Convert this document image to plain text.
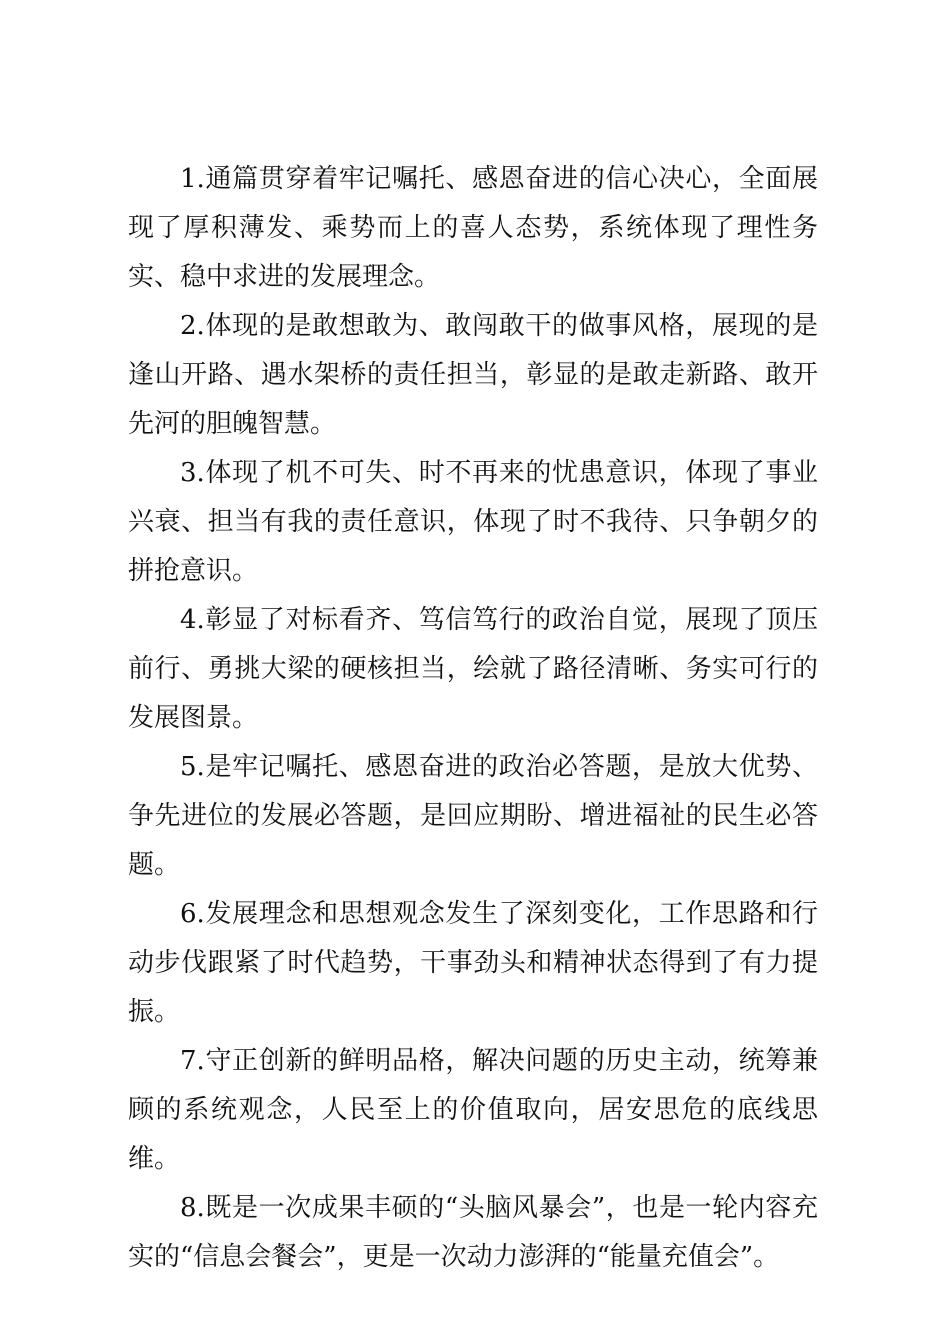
1.通篇贯穿着牢记嘱托、感恩奋进的信心决心，全面展现了厚积薄发、乘势而上的喜人态势，系统体现了理性务实、稳中求进的发展理念。

2.体现的是敢想敢为、敢闯敢干的做事风格，展现的是逢山开路、遇水架桥的责任担当，彰显的是敢走新路、敢开先河的胆魄智慧。

3.体现了机不可失、时不再来的忧患意识，体现了事业兴衰、担当有我的责任意识，体现了时不我待、只争朝夕的拼抢意识。

4.彰显了对标看齐、笃信笃行的政治自觉，展现了顶压前行、勇挑大梁的硬核担当，绘就了路径清晰、务实可行的发展图景。

5.是牢记嘱托、感恩奋进的政治必答题，是放大优势、争先进位的发展必答题，是回应期盼、增进福祉的民生必答题。

6.发展理念和思想观念发生了深刻变化，工作思路和行动步伐跟紧了时代趋势，干事劲头和精神状态得到了有力提振。

7.守正创新的鲜明品格，解决问题的历史主动，统筹兼顾的系统观念，人民至上的价值取向，居安思危的底线思维。

8.既是一次成果丰硕的“头脑风暴会”，也是一轮内容充实的“信息会餐会”，更是一次动力澎湃的“能量充值会”。
